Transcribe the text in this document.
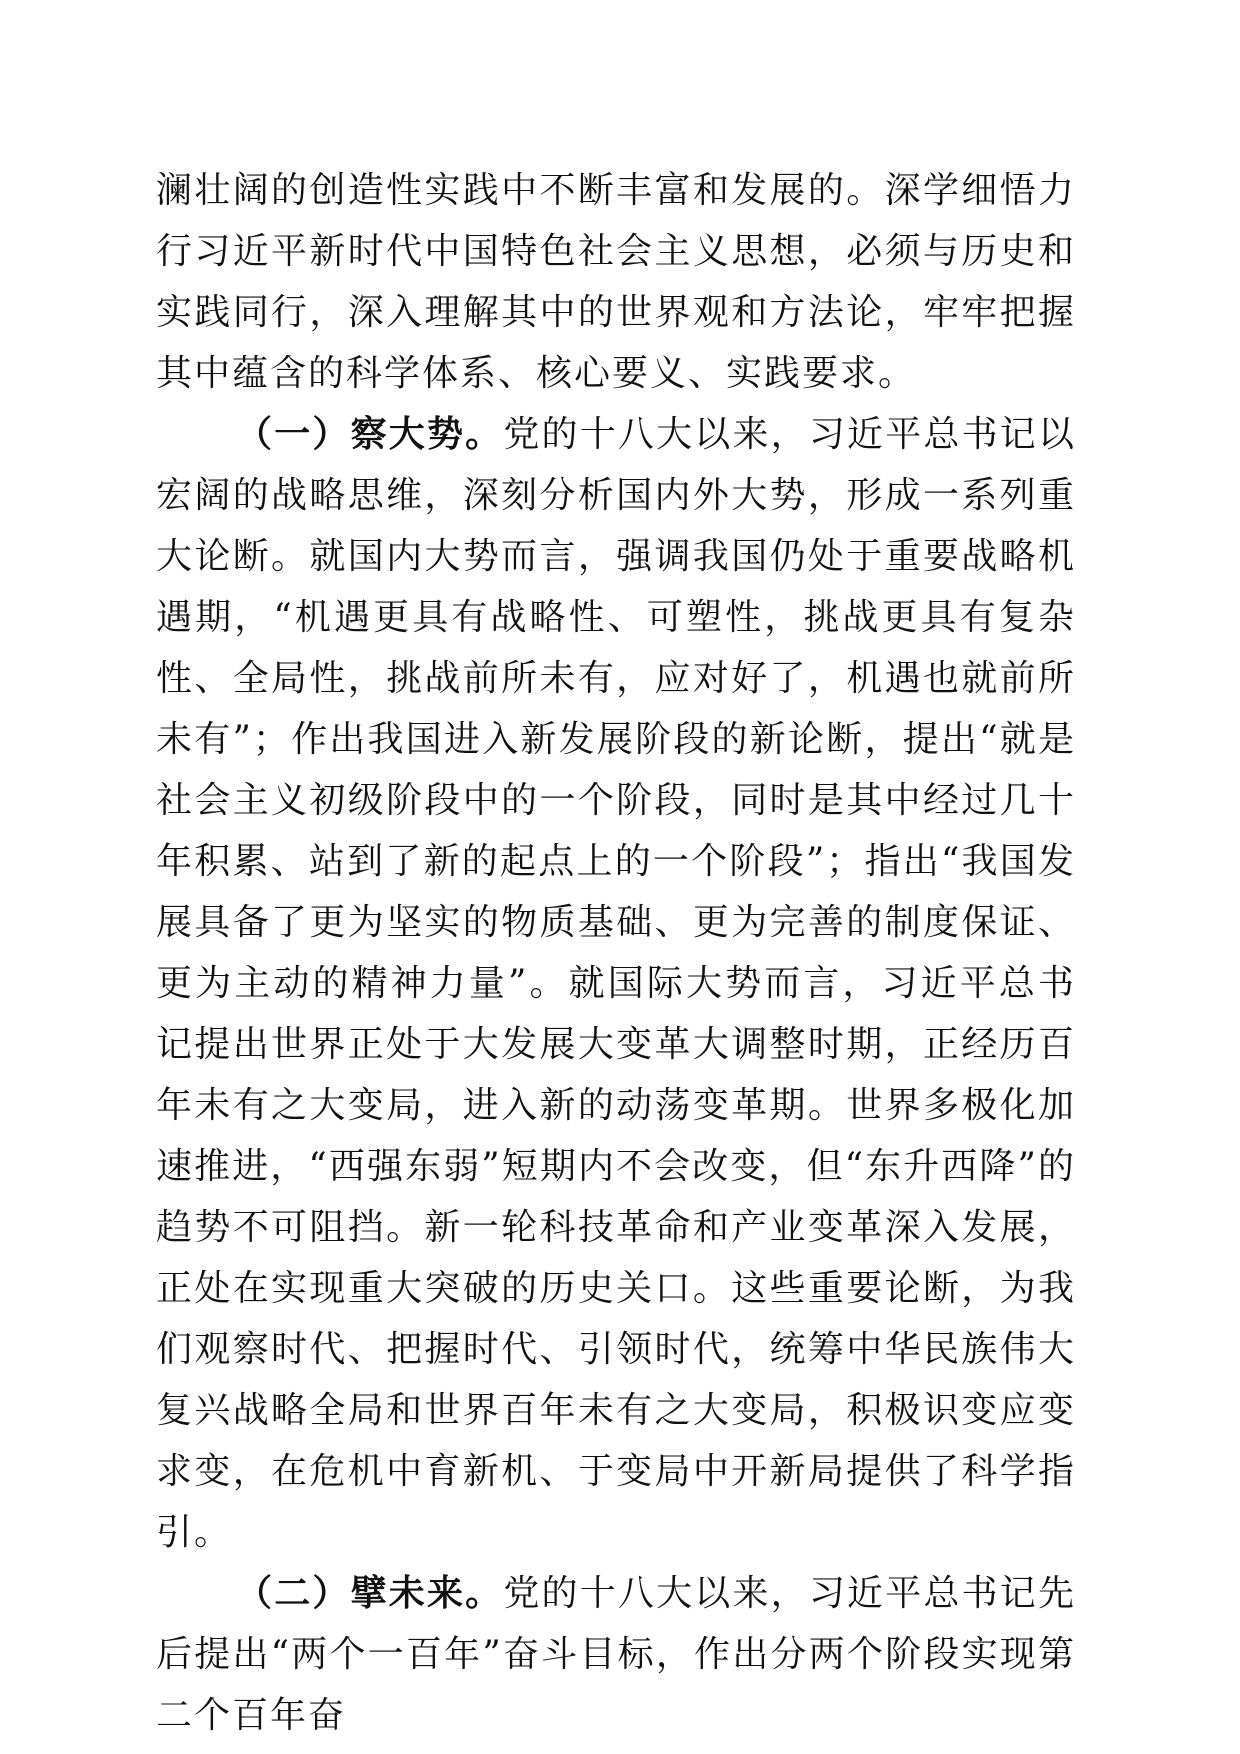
澜壮阔的创造性实践中不断丰富和发展的。深学细悟力行习近平新时代中国特色社会主义思想，必须与历史和实践同行，深入理解其中的世界观和方法论，牢牢把握其中蕴含的科学体系、核心要义、实践要求。

（一）察大势。党的十八大以来，习近平总书记以宏阔的战略思维，深刻分析国内外大势，形成一系列重大论断。就国内大势而言，强调我国仍处于重要战略机遇期，“机遇更具有战略性、可塑性，挑战更具有复杂性、全局性，挑战前所未有，应对好了，机遇也就前所未有”；作出我国进入新发展阶段的新论断，提出“就是社会主义初级阶段中的一个阶段，同时是其中经过几十年积累、站到了新的起点上的一个阶段”；指出“我国发展具备了更为坚实的物质基础、更为完善的制度保证、更为主动的精神力量”。就国际大势而言，习近平总书记提出世界正处于大发展大变革大调整时期，正经历百年未有之大变局，进入新的动荡变革期。世界多极化加速推进，“西强东弱”短期内不会改变，但“东升西降”的趋势不可阻挡。新一轮科技革命和产业变革深入发展，正处在实现重大突破的历史关口。这些重要论断，为我们观察时代、把握时代、引领时代，统筹中华民族伟大复兴战略全局和世界百年未有之大变局，积极识变应变求变，在危机中育新机、于变局中开新局提供了科学指引。

（二）擘未来。党的十八大以来，习近平总书记先后提出“两个一百年”奋斗目标，作出分两个阶段实现第二个百年奋
